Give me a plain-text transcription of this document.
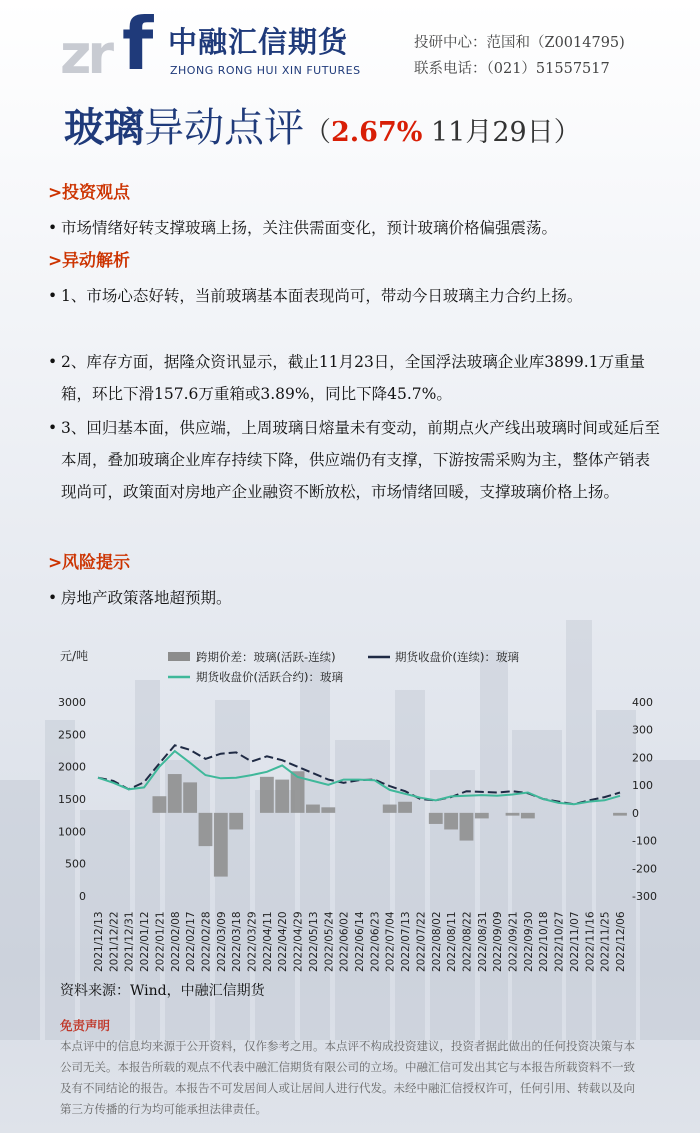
zr f 中融汇信期货
ZHONG RONG HUI XIN FUTURES
投研中心：范国和（Z0014795)
联系电话：（021）51557517
玻璃异动点评（2.67% 11月29日）
>投资观点
• 市场情绪好转支撑玻璃上扬，关注供需面变化，预计玻璃价格偏强震荡。
>异动解析
• 1、市场心态好转，当前玻璃基本面表现尚可，带动今日玻璃主力合约上扬。
• 2、库存方面，据隆众资讯显示，截止11月23日，全国浮法玻璃企业库3899.1万重量箱，环比下滑157.6万重箱或3.89%，同比下降45.7%。
• 3、回归基本面，供应端，上周玻璃日熔量未有变动，前期点火产线出玻璃时间或延后至本周，叠加玻璃企业库存持续下降，供应端仍有支撑，下游按需采购为主，整体产销表现尚可，政策面对房地产企业融资不断放松，市场情绪回暖，支撑玻璃价格上扬。
>风险提示
• 房地产政策落地超预期。
元/吨	跨期价差：玻璃(活跃-连续)	期货收盘价(连续)：玻璃
期货收盘价(活跃合约)：玻璃
0
500
1000
1500
2000
2500
3000
-300
-200
-100
0
100
200
300
400
2021/12/13 2021/12/22 2021/12/31 2022/01/12 2022/01/21 2022/02/08 2022/02/17 2022/02/28 2022/03/09 2022/03/18 2022/03/29 2022/04/11 2022/04/20 2022/04/29 2022/05/13 2022/05/24 2022/06/02 2022/06/14 2022/06/23 2022/07/04 2022/07/13 2022/07/22 2022/08/02 2022/08/11 2022/08/22 2022/08/31 2022/09/09 2022/09/21 2022/09/30 2022/10/18 2022/10/27 2022/11/07 2022/11/16 2022/11/25 2022/12/06
资料来源：Wind，中融汇信期货
免责声明
本点评中的信息均来源于公开资料，仅作参考之用。本点评不构成投资建议，投资者据此做出的任何投资决策与本公司无关。本报告所载的观点不代表中融汇信期货有限公司的立场。中融汇信可发出其它与本报告所载资料不一致及有不同结论的报告。本报告不可发居间人或让居间人进行代发。未经中融汇信授权许可，任何引用、转载以及向第三方传播的行为均可能承担法律责任。
